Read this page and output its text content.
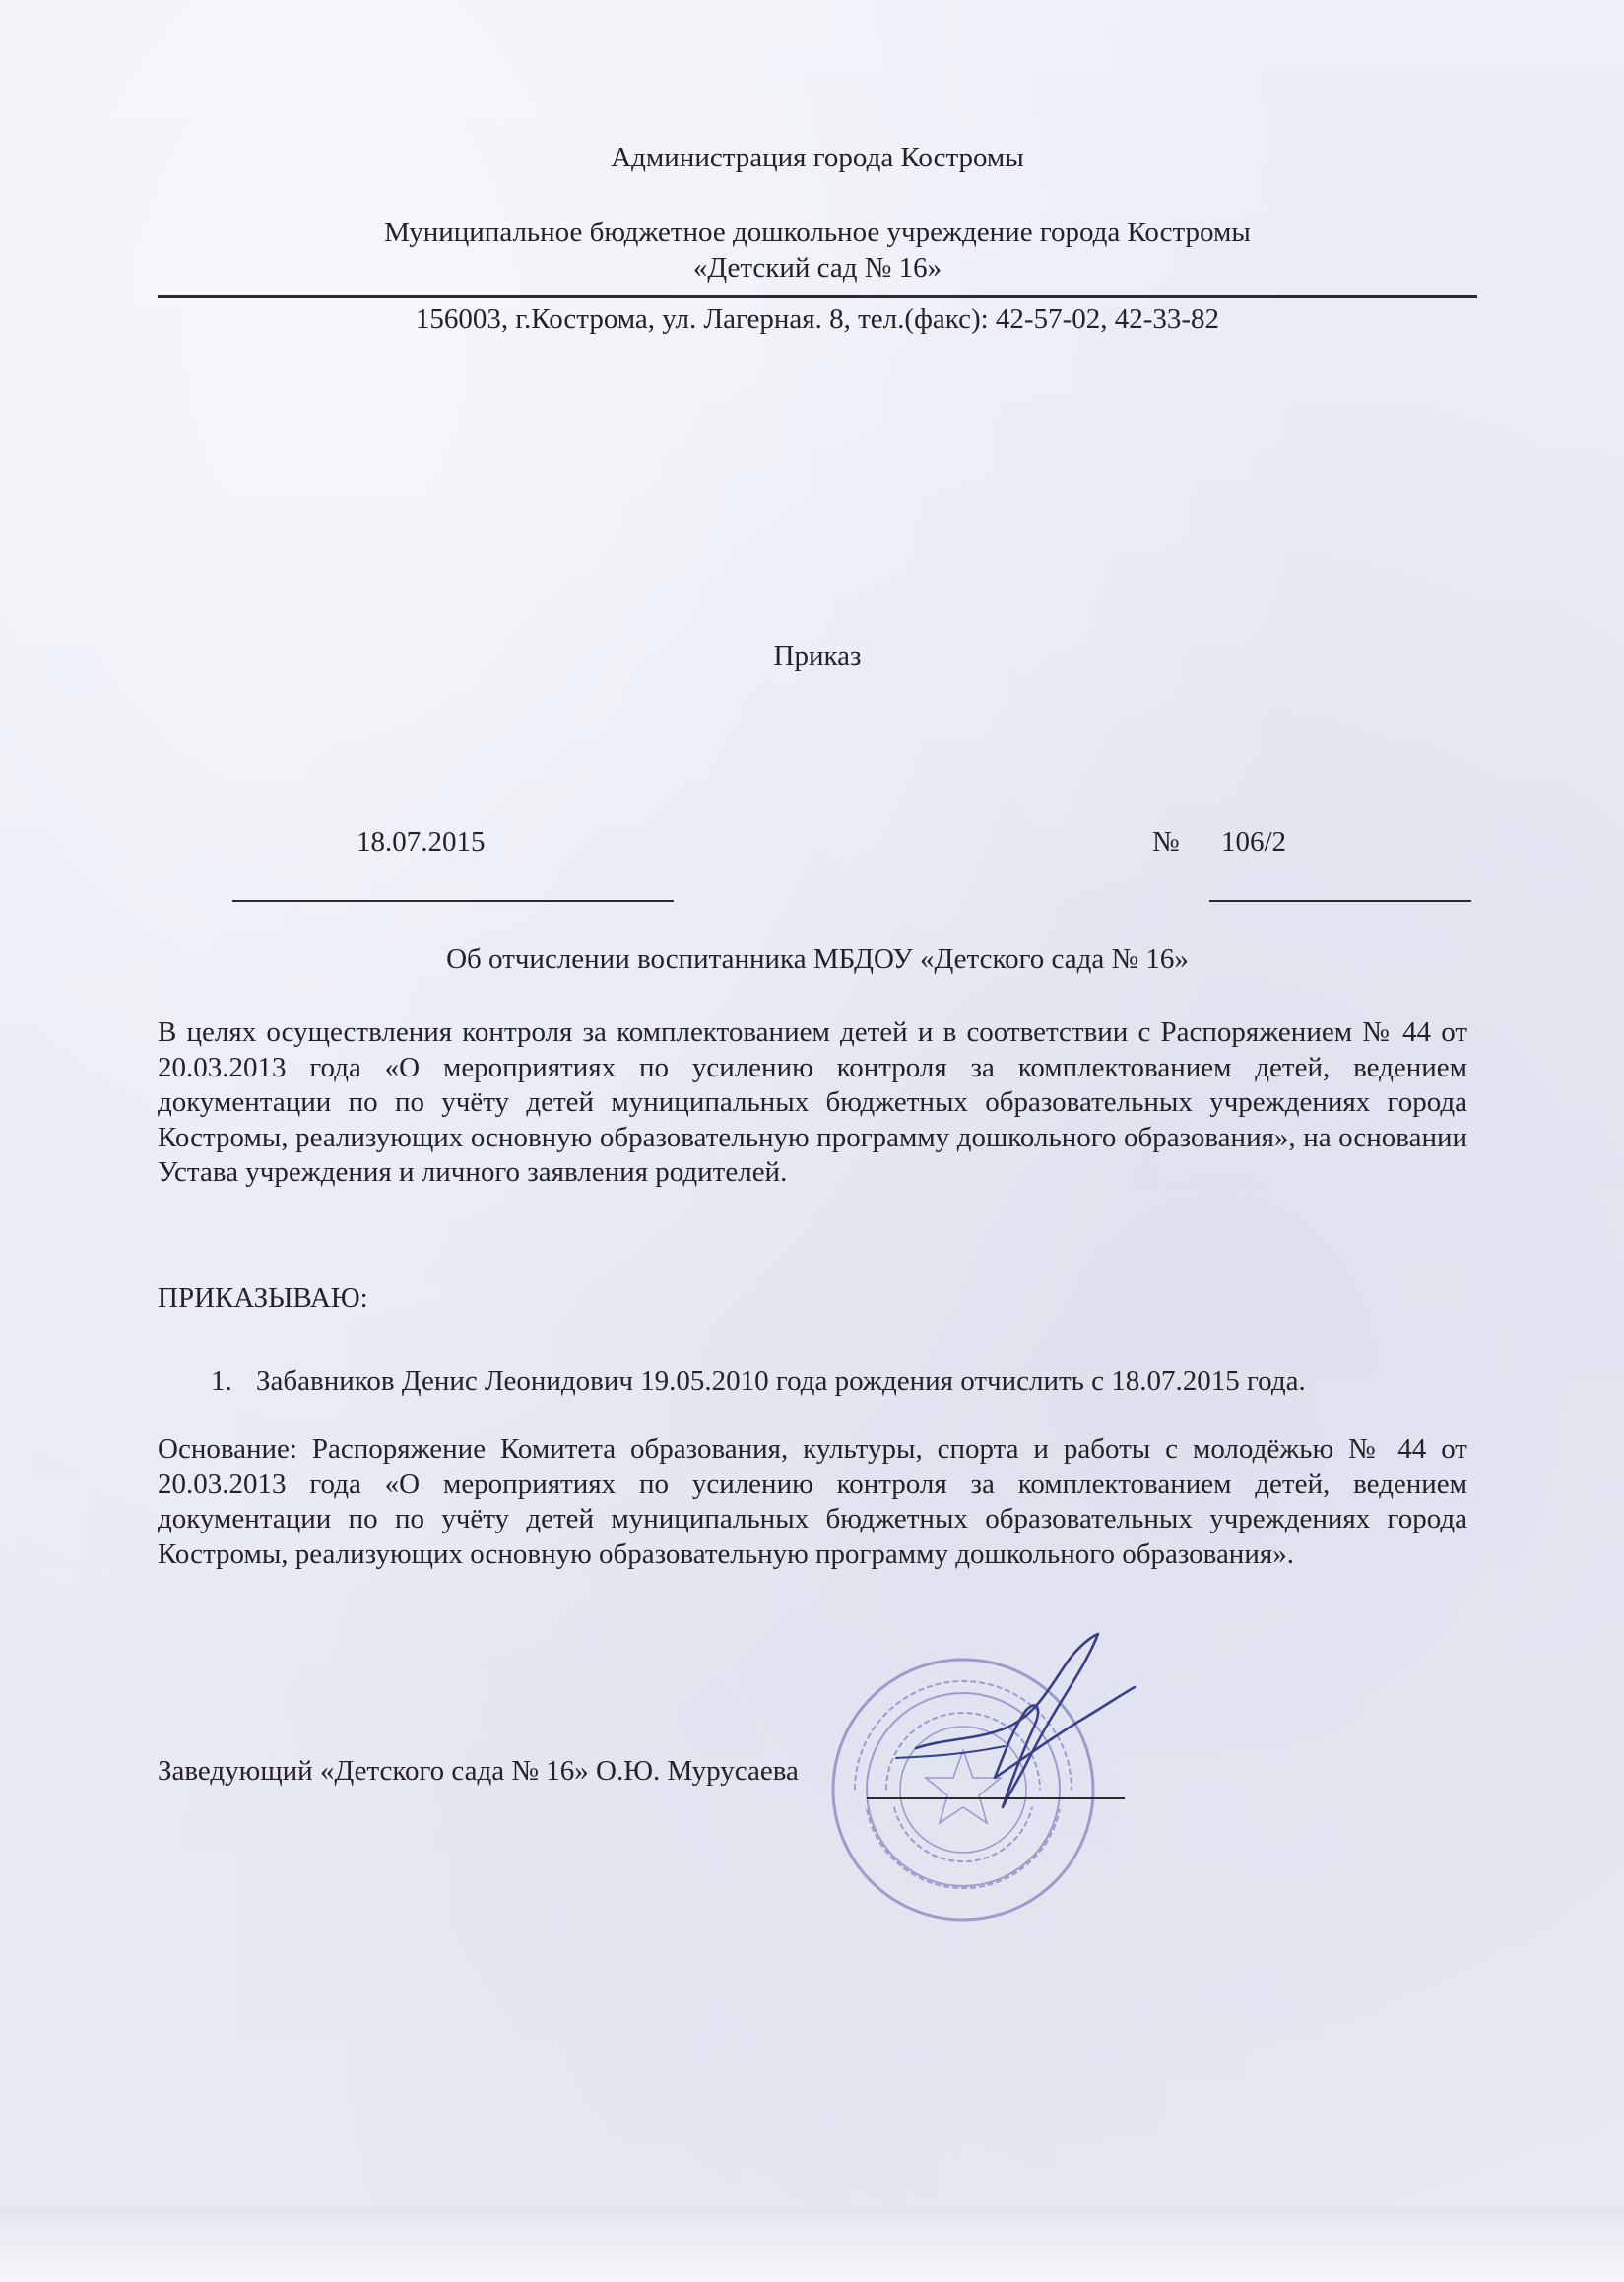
Администрация города Костромы
Муниципальное бюджетное дошкольное учреждение города Костромы
«Детский сад № 16»
156003, г.Кострома, ул. Лагерная. 8, тел.(факс): 42-57-02, 42-33-82
Приказ
18.07.2015	№ 106/2
Об отчислении воспитанника МБДОУ «Детского сада № 16»
В целях осуществления контроля за комплектованием детей и в соответствии с Распоряжением № 44 от 20.03.2013 года «О мероприятиях по усилению контроля за комплектованием детей, ведением документации по по учёту детей муниципальных бюджетных образовательных учреждениях города Костромы, реализующих основную образовательную программу дошкольного образования», на основании Устава учреждения и личного заявления родителей.
ПРИКАЗЫВАЮ:
1. Забавников Денис Леонидович 19.05.2010 года рождения отчислить с 18.07.2015 года.
Основание: Распоряжение Комитета образования, культуры, спорта и работы с молодёжью № 44 от 20.03.2013 года «О мероприятиях по усилению контроля за комплектованием детей, ведением документации по по учёту детей муниципальных бюджетных образовательных учреждениях города Костромы, реализующих основную образовательную программу дошкольного образования».
Заведующий «Детского сада № 16» О.Ю. Мурусаева
